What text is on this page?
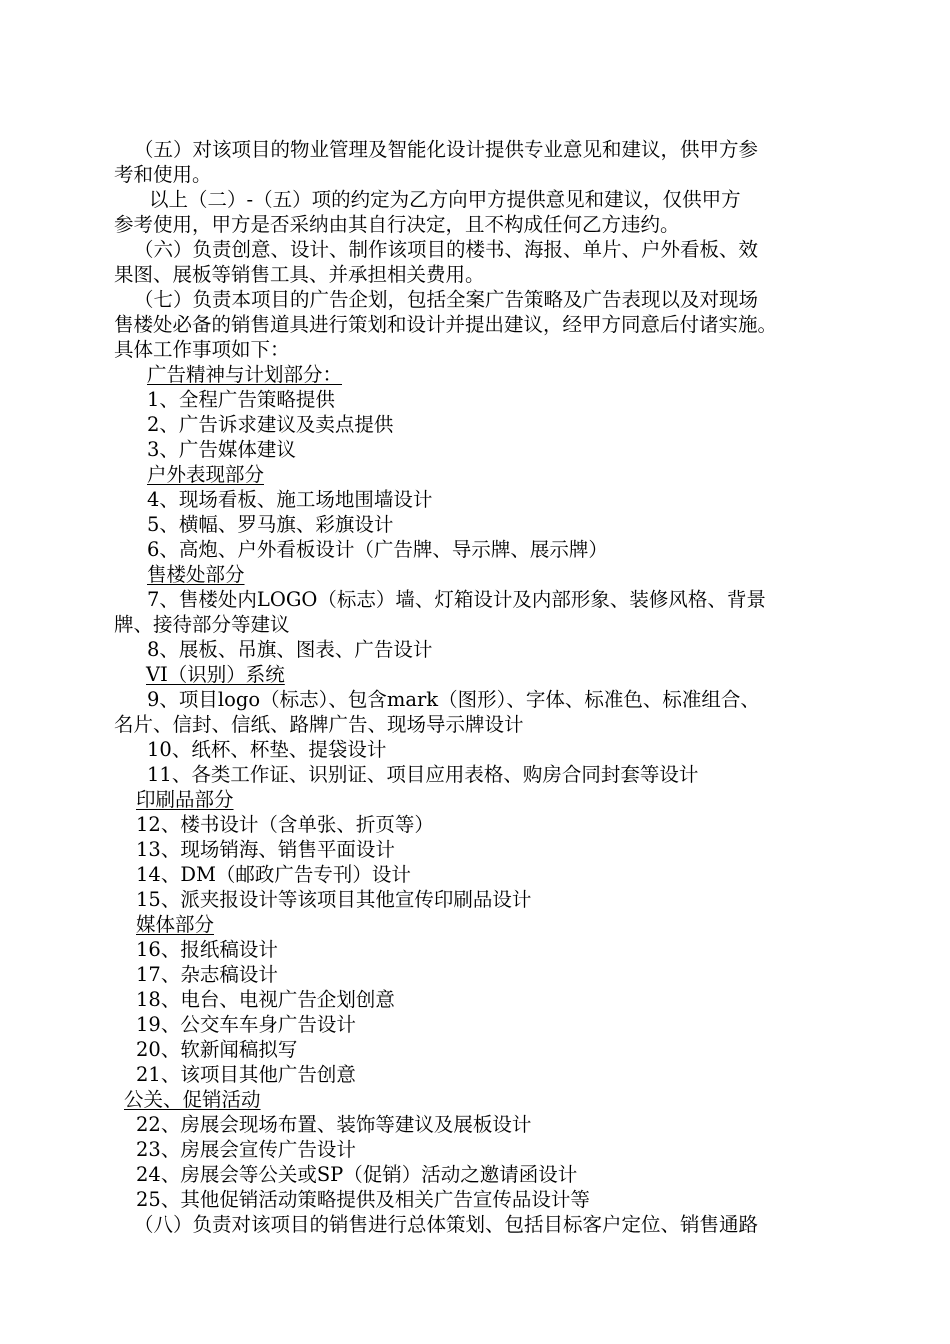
（五）对该项目的物业管理及智能化设计提供专业意见和建议，供甲方参
考和使用。
以上（二）-（五）项的约定为乙方向甲方提供意见和建议，仅供甲方
参考使用，甲方是否采纳由其自行决定，且不构成任何乙方违约。
（六）负责创意、设计、制作该项目的楼书、海报、单片、户外看板、效
果图、展板等销售工具、并承担相关费用。
（七）负责本项目的广告企划，包括全案广告策略及广告表现以及对现场
售楼处必备的销售道具进行策划和设计并提出建议，经甲方同意后付诸实施。
具体工作事项如下：
广告精神与计划部分：
1、全程广告策略提供
2、广告诉求建议及卖点提供
3、广告媒体建议
户外表现部分
4、现场看板、施工场地围墙设计
5、横幅、罗马旗、彩旗设计
6、高炮、户外看板设计（广告牌、导示牌、展示牌）
售楼处部分
7、售楼处内LOGO（标志）墙、灯箱设计及内部形象、装修风格、背景
牌、接待部分等建议
8、展板、吊旗、图表、广告设计
VI（识别）系统
9、项目logo（标志）、包含mark（图形）、字体、标准色、标准组合、
名片、信封、信纸、路牌广告、现场导示牌设计
10、纸杯、杯垫、提袋设计
11、各类工作证、识别证、项目应用表格、购房合同封套等设计
印刷品部分
12、楼书设计（含单张、折页等）
13、现场销海、销售平面设计
14、DM（邮政广告专刊）设计
15、派夹报设计等该项目其他宣传印刷品设计
媒体部分
16、报纸稿设计
17、杂志稿设计
18、电台、电视广告企划创意
19、公交车车身广告设计
20、软新闻稿拟写
21、该项目其他广告创意
公关、促销活动
22、房展会现场布置、装饰等建议及展板设计
23、房展会宣传广告设计
24、房展会等公关或SP（促销）活动之邀请函设计
25、其他促销活动策略提供及相关广告宣传品设计等
（八）负责对该项目的销售进行总体策划、包括目标客户定位、销售通路
